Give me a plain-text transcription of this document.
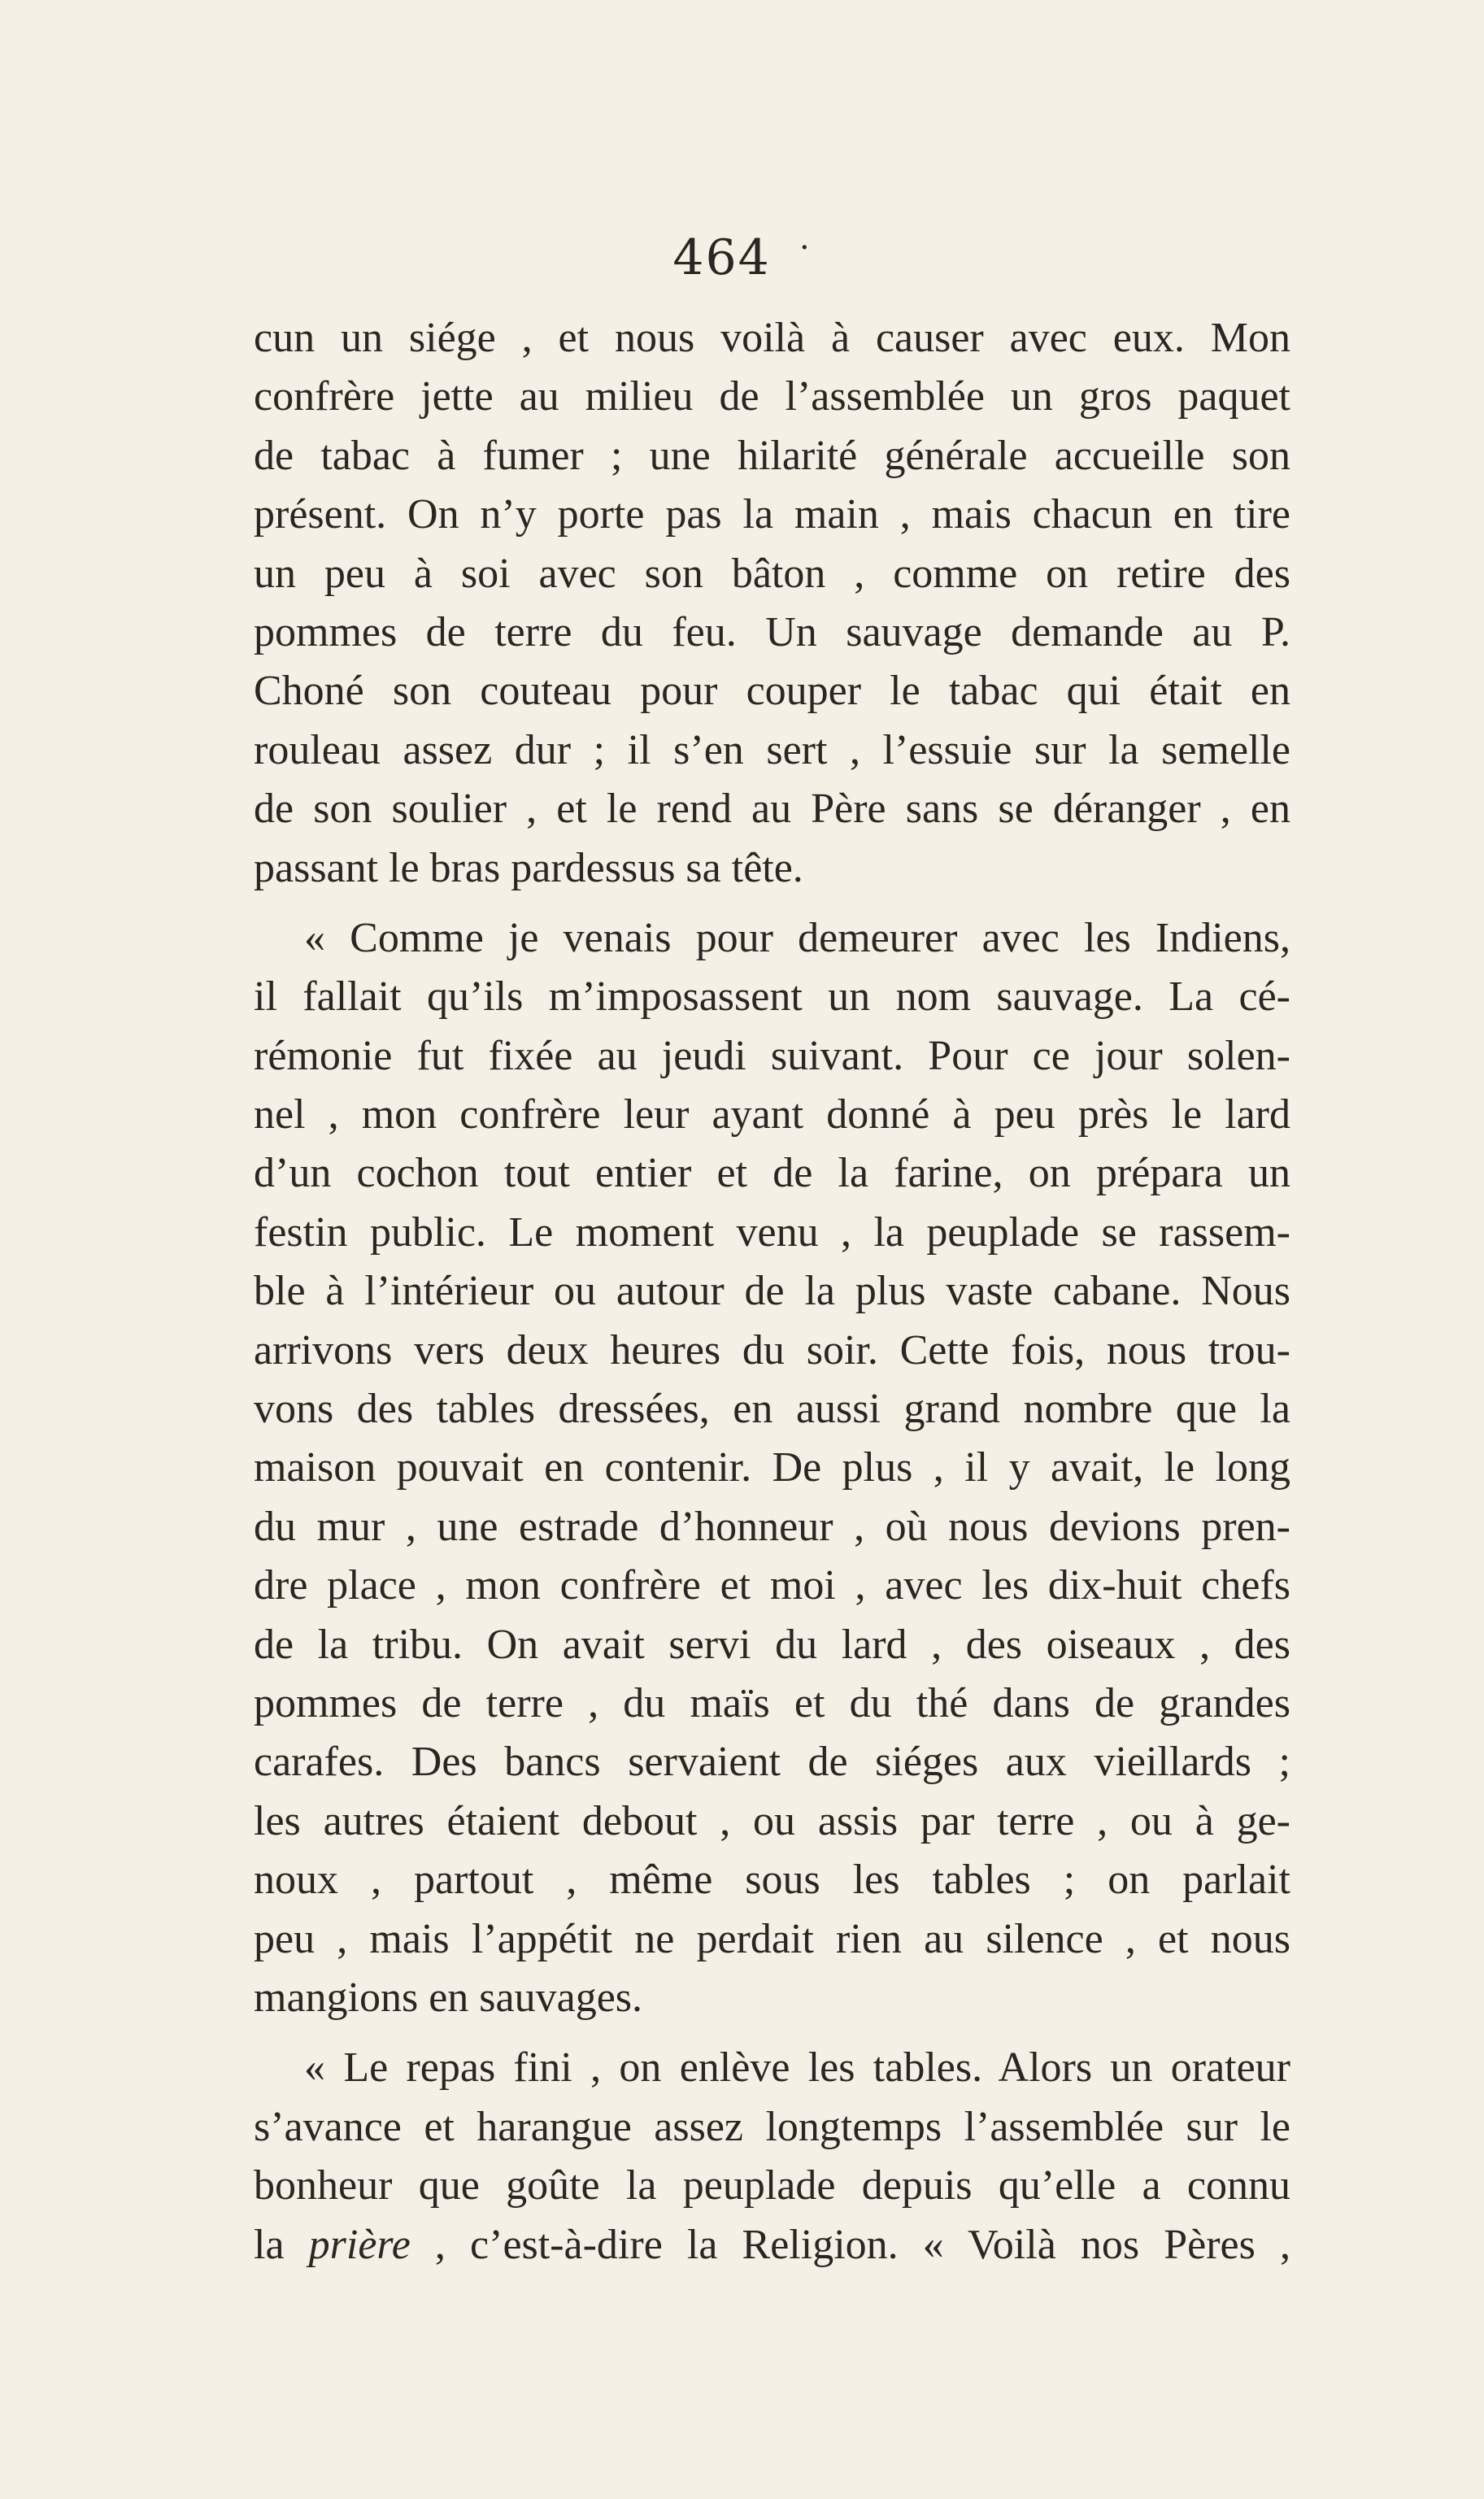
464 ·
cun un siége , et nous voilà à causer avec eux. Mon
confrère jette au milieu de l’assemblée un gros paquet
de tabac à fumer ; une hilarité générale accueille son
présent. On n’y porte pas la main , mais chacun en tire
un peu à soi avec son bâton , comme on retire des
pommes de terre du feu. Un sauvage demande au P.
Choné son couteau pour couper le tabac qui était en
rouleau assez dur ; il s’en sert , l’essuie sur la semelle
de son soulier , et le rend au Père sans se déranger , en
passant le bras pardessus sa tête.
« Comme je venais pour demeurer avec les Indiens,
il fallait qu’ils m’imposassent un nom sauvage. La cé-
rémonie fut fixée au jeudi suivant. Pour ce jour solen-
nel , mon confrère leur ayant donné à peu près le lard
d’un cochon tout entier et de la farine, on prépara un
festin public. Le moment venu , la peuplade se rassem-
ble à l’intérieur ou autour de la plus vaste cabane. Nous
arrivons vers deux heures du soir. Cette fois, nous trou-
vons des tables dressées, en aussi grand nombre que la
maison pouvait en contenir. De plus , il y avait, le long
du mur , une estrade d’honneur , où nous devions pren-
dre place , mon confrère et moi , avec les dix-huit chefs
de la tribu. On avait servi du lard , des oiseaux , des
pommes de terre , du maïs et du thé dans de grandes
carafes. Des bancs servaient de siéges aux vieillards ;
les autres étaient debout , ou assis par terre , ou à ge-
noux , partout , même sous les tables ; on parlait
peu , mais l’appétit ne perdait rien au silence , et nous
mangions en sauvages.
« Le repas fini , on enlève les tables. Alors un orateur
s’avance et harangue assez longtemps l’assemblée sur le
bonheur que goûte la peuplade depuis qu’elle a connu
la prière , c’est-à-dire la Religion. « Voilà nos Pères ,
